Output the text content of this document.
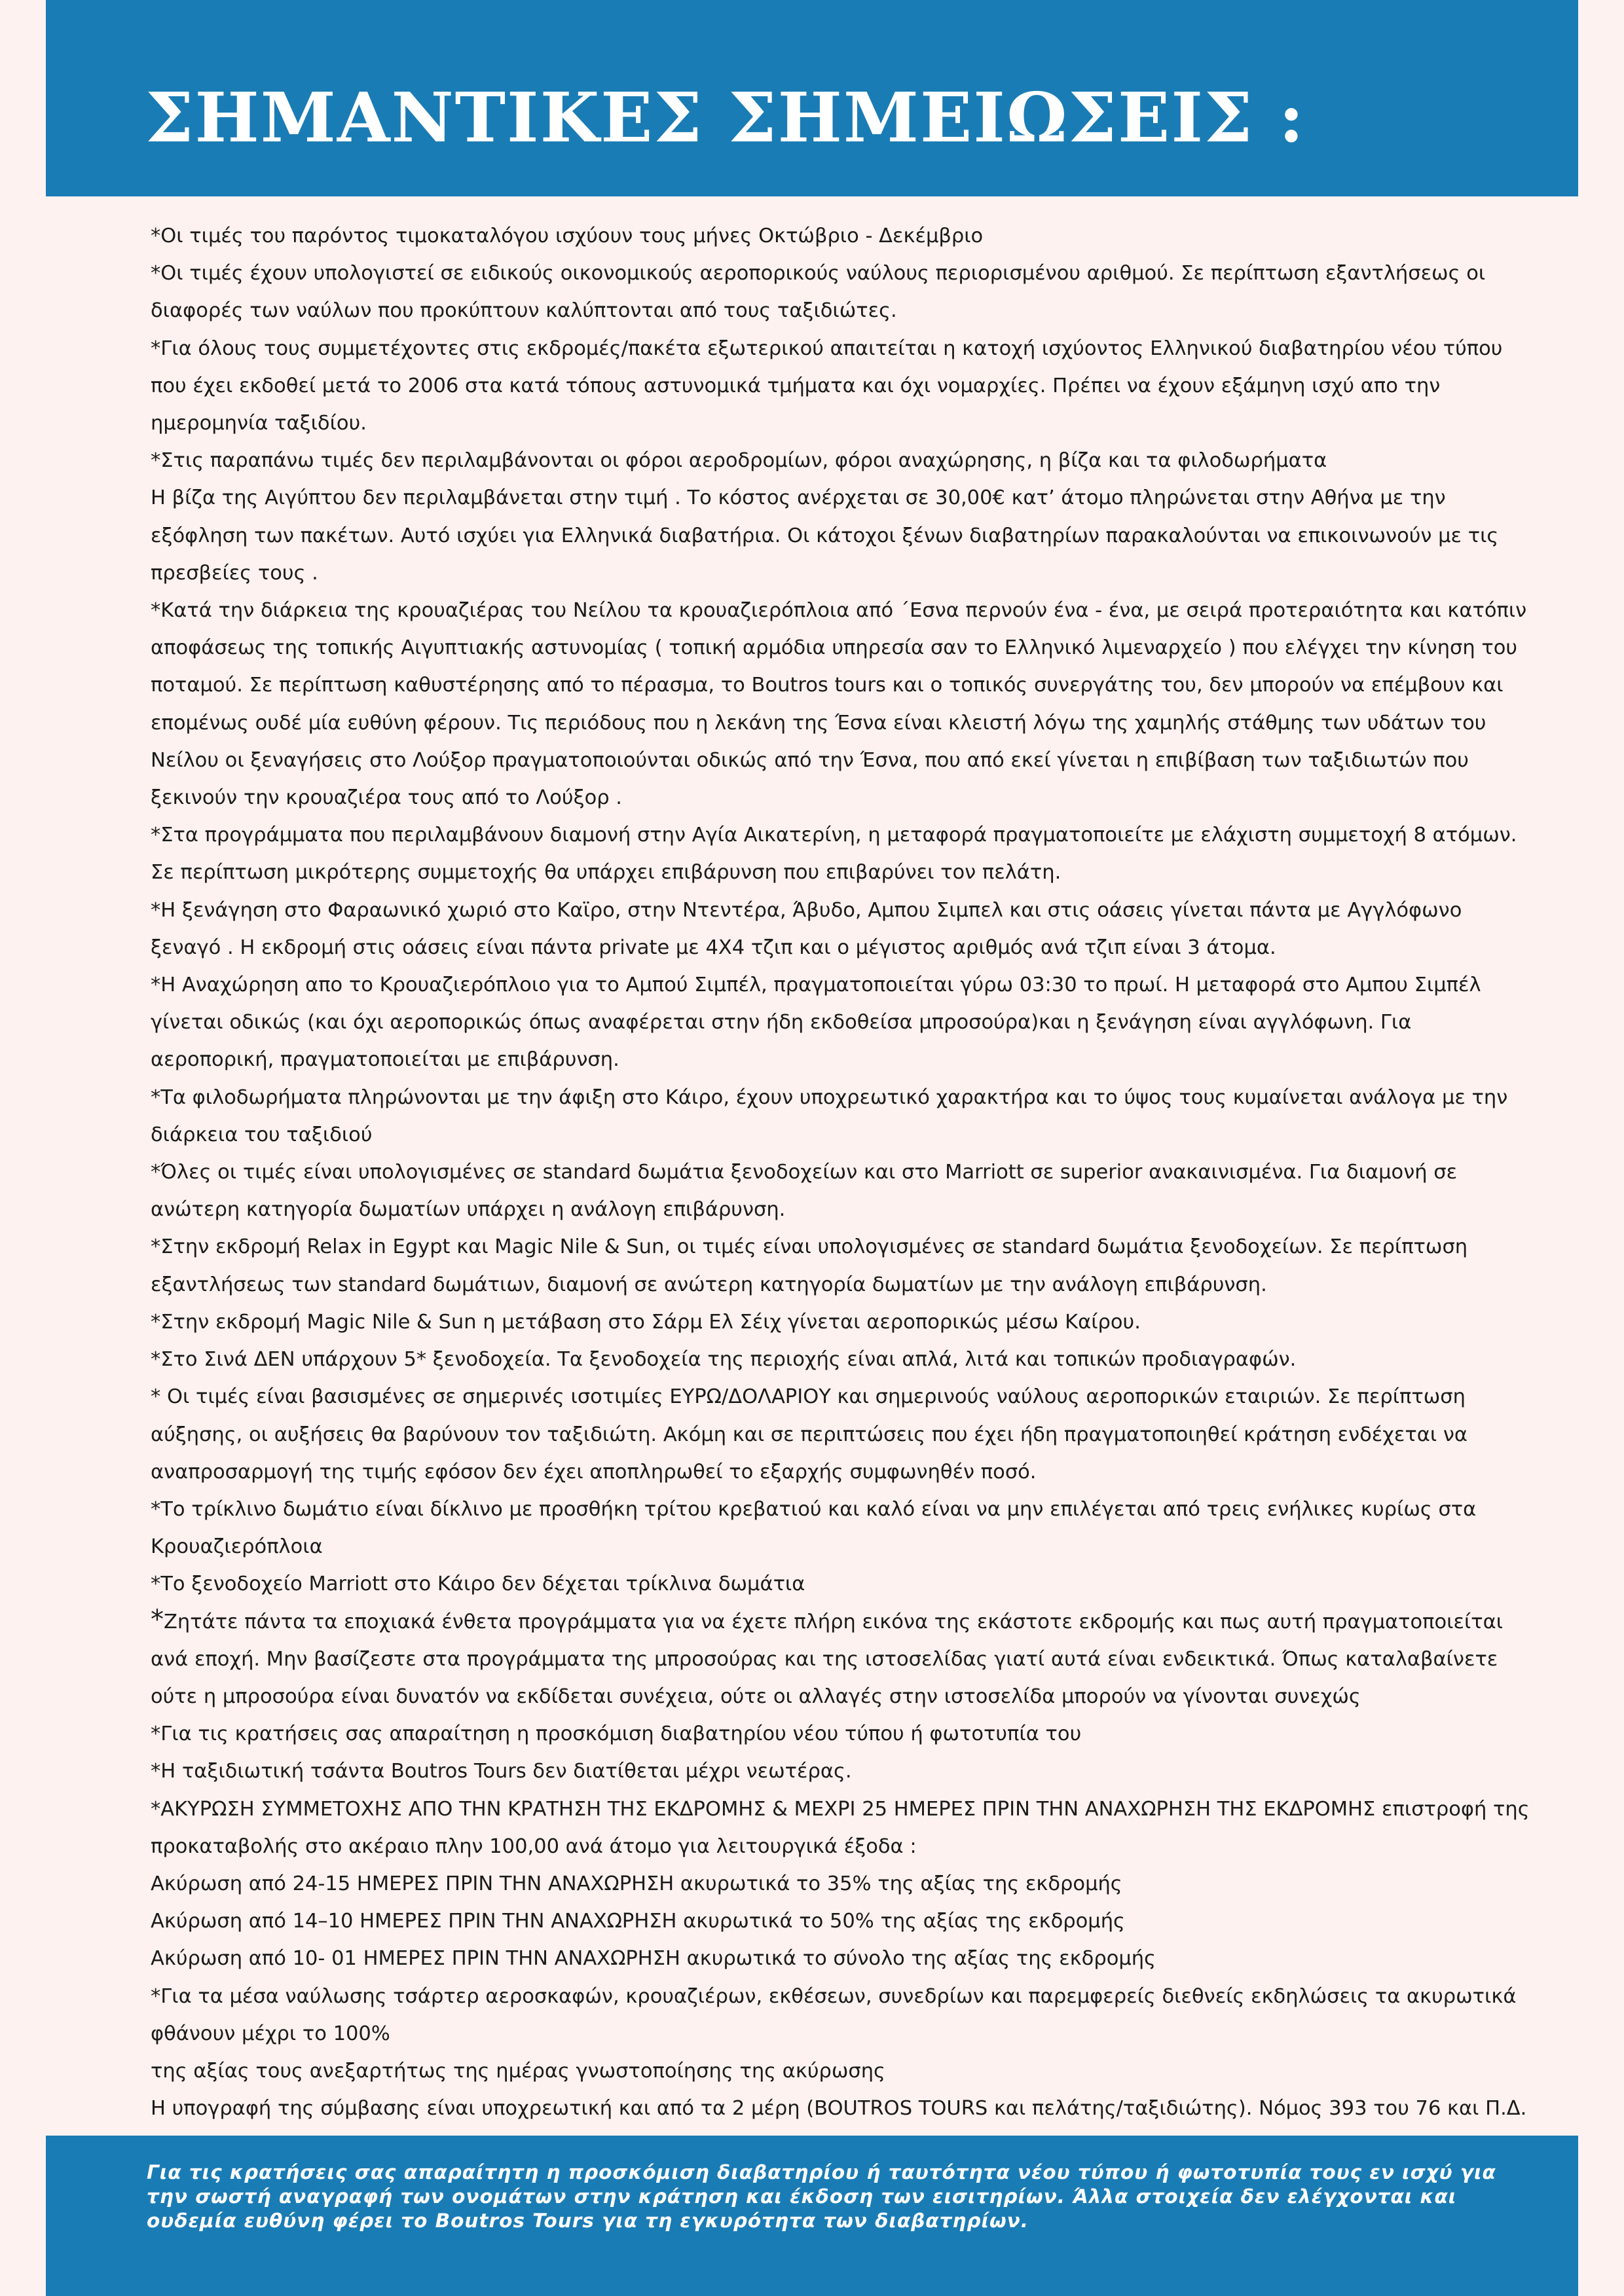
ΣΗΜΑΝΤΙΚΕΣ ΣΗΜΕΙΩΣΕΙΣ :

*Οι τιμές του παρόντος τιμοκαταλόγου ισχύουν τους μήνες Οκτώβριο - Δεκέμβριο

*Οι τιμές έχουν υπολογιστεί σε ειδικούς οικονομικούς αεροπορικούς ναύλους περιορισμένου αριθμού. Σε περίπτωση εξαντλήσεως οι διαφορές των ναύλων που προκύπτουν καλύπτονται από τους ταξιδιώτες.

*Για όλους τους συμμετέχοντες στις εκδρομές/πακέτα εξωτερικού απαιτείται η κατοχή ισχύοντος Ελληνικού διαβατηρίου νέου τύπου που έχει εκδοθεί μετά το 2006 στα κατά τόπους αστυνομικά τμήματα και όχι νομαρχίες. Πρέπει να έχουν εξάμηνη ισχύ απο την ημερομηνία ταξιδίου.

*Στις παραπάνω τιμές δεν περιλαμβάνονται οι φόροι αεροδρομίων, φόροι αναχώρησης, η βίζα και τα φιλοδωρήματα

Η βίζα της Αιγύπτου δεν περιλαμβάνεται στην τιμή . Το κόστος ανέρχεται σε 30,00€ κατ’ άτομο πληρώνεται στην Αθήνα με την εξόφληση των πακέτων. Αυτό ισχύει για Ελληνικά διαβατήρια. Οι κάτοχοι ξένων διαβατηρίων παρακαλούνται να επικοινωνούν με τις πρεσβείες τους .

*Κατά την διάρκεια της κρουαζιέρας του Νείλου τα κρουαζιερόπλοια από ΄Εσνα περνούν ένα - ένα, με σειρά προτεραιότητα και κατόπιν αποφάσεως της τοπικής Αιγυπτιακής αστυνομίας ( τοπική αρμόδια υπηρεσία σαν το Ελληνικό λιμεναρχείο ) που ελέγχει την κίνηση του ποταμού. Σε περίπτωση καθυστέρησης από το πέρασμα, το Boutros tours και ο τοπικός συνεργάτης του, δεν μπορούν να επέμβουν και επομένως ουδέ μία ευθύνη φέρουν. Τις περιόδους που η λεκάνη της Έσνα είναι κλειστή λόγω της χαμηλής στάθμης των υδάτων του Νείλου οι ξεναγήσεις στο Λούξορ πραγματοποιούνται οδικώς από την Έσνα, που από εκεί γίνεται η επιβίβαση των ταξιδιωτών που ξεκινούν την κρουαζιέρα τους από το Λούξορ .

*Στα προγράμματα που περιλαμβάνουν διαμονή στην Αγία Αικατερίνη, η μεταφορά πραγματοποιείτε με ελάχιστη συμμετοχή 8 ατόμων. Σε περίπτωση μικρότερης συμμετοχής θα υπάρχει επιβάρυνση που επιβαρύνει τον πελάτη.

*Η ξενάγηση στο Φαραωνικό χωριό στο Καϊρο, στην Ντεντέρα, Άβυδο, Αμπου Σιμπελ και στις οάσεις γίνεται πάντα με Αγγλόφωνο ξεναγό . Η εκδρομή στις οάσεις είναι πάντα private με 4Χ4 τζιπ και ο μέγιστος αριθμός ανά τζιπ είναι 3 άτομα.

*Η Αναχώρηση απο το Κρουαζιερόπλοιο για το Αμπού Σιμπέλ, πραγματοποιείται γύρω 03:30 το πρωί. Η μεταφορά στο Αμπου Σιμπέλ γίνεται οδικώς (και όχι αεροπορικώς όπως αναφέρεται στην ήδη εκδοθείσα μπροσούρα)και η ξενάγηση είναι αγγλόφωνη. Για αεροπορική, πραγματοποιείται με επιβάρυνση.

*Τα φιλοδωρήματα πληρώνονται με την άφιξη στο Κάιρο, έχουν υποχρεωτικό χαρακτήρα και το ύψος τους κυμαίνεται ανάλογα με την διάρκεια του ταξιδιού

*Όλες οι τιμές είναι υπολογισμένες σε standard δωμάτια ξενοδοχείων και στο Marriott σε superior ανακαινισμένα. Για διαμονή σε ανώτερη κατηγορία δωματίων υπάρχει η ανάλογη επιβάρυνση.

*Στην εκδρομή Relax in Egypt και Magic Nile & Sun, οι τιμές είναι υπολογισμένες σε standard δωμάτια ξενοδοχείων. Σε περίπτωση εξαντλήσεως των standard δωμάτιων, διαμονή σε ανώτερη κατηγορία δωματίων με την ανάλογη επιβάρυνση.

*Στην εκδρομή Magic Nile & Sun η μετάβαση στο Σάρμ Ελ Σέιχ γίνεται αεροπορικώς μέσω Καίρου.

*Στο Σινά ΔΕΝ υπάρχουν 5* ξενοδοχεία. Τα ξενοδοχεία της περιοχής είναι απλά, λιτά και τοπικών προδιαγραφών.

* Οι τιμές είναι βασισμένες σε σημερινές ισοτιμίες ΕΥΡΩ/ΔΟΛΑΡΙΟΥ και σημερινούς ναύλους αεροπορικών εταιριών. Σε περίπτωση αύξησης, οι αυξήσεις θα βαρύνουν τον ταξιδιώτη. Ακόμη και σε περιπτώσεις που έχει ήδη πραγματοποιηθεί κράτηση ενδέχεται να αναπροσαρμογή της τιμής εφόσον δεν έχει αποπληρωθεί το εξαρχής συμφωνηθέν ποσό.

*Το τρίκλινο δωμάτιο είναι δίκλινο με προσθήκη τρίτου κρεβατιού και καλό είναι να μην επιλέγεται από τρεις ενήλικες κυρίως στα Κρουαζιερόπλοια

*Το ξενοδοχείο Marriott στο Κάιρο δεν δέχεται τρίκλινα δωμάτια

*Ζητάτε πάντα τα εποχιακά ένθετα προγράμματα για να έχετε πλήρη εικόνα της εκάστοτε εκδρομής και πως αυτή πραγματοποιείται ανά εποχή. Μην βασίζεστε στα προγράμματα της μπροσούρας και της ιστοσελίδας γιατί αυτά είναι ενδεικτικά. Όπως καταλαβαίνετε ούτε η μπροσούρα είναι δυνατόν να εκδίδεται συνέχεια, ούτε οι αλλαγές στην ιστοσελίδα μπορούν να γίνονται συνεχώς

*Για τις κρατήσεις σας απαραίτηση η προσκόμιση διαβατηρίου νέου τύπου ή φωτοτυπία του

*Η ταξιδιωτική τσάντα Boutros Tours δεν διατίθεται μέχρι νεωτέρας.

*ΑΚΥΡΩΣΗ ΣΥΜΜΕΤΟΧΗΣ ΑΠΟ ΤΗΝ ΚΡΑΤΗΣΗ ΤΗΣ ΕΚΔΡΟΜΗΣ & ΜΕΧΡΙ 25 ΗΜΕΡΕΣ ΠΡΙΝ ΤΗΝ ΑΝΑΧΩΡΗΣΗ ΤΗΣ ΕΚΔΡΟΜΗΣ επιστροφή της προκαταβολής στο ακέραιο πλην 100,00 ανά άτομο για λειτουργικά έξοδα :

Ακύρωση από 24-15 ΗΜΕΡΕΣ ΠΡΙΝ ΤΗΝ ΑΝΑΧΩΡΗΣΗ ακυρωτικά το 35% της αξίας της εκδρομής

Ακύρωση από 14–10 ΗΜΕΡΕΣ ΠΡΙΝ ΤΗΝ ΑΝΑΧΩΡΗΣΗ ακυρωτικά το 50% της αξίας της εκδρομής

Ακύρωση από 10- 01 ΗΜΕΡΕΣ ΠΡΙΝ ΤΗΝ ΑΝΑΧΩΡΗΣΗ ακυρωτικά το σύνολο της αξίας της εκδρομής

*Για τα μέσα ναύλωσης τσάρτερ αεροσκαφών, κρουαζιέρων, εκθέσεων, συνεδρίων και παρεμφερείς διεθνείς εκδηλώσεις τα ακυρωτικά φθάνουν μέχρι το 100%

της αξίας τους ανεξαρτήτως της ημέρας γνωστοποίησης της ακύρωσης

Η υπογραφή της σύμβασης είναι υποχρεωτική και από τα 2 μέρη (BOUTROS TOURS και πελάτης/ταξιδιώτης). Νόμος 393 του 76 και Π.Δ.

Για τις κρατήσεις σας απαραίτητη η προσκόμιση διαβατηρίου ή ταυτότητα νέου τύπου ή φωτοτυπία τους εν ισχύ για την σωστή αναγραφή των ονομάτων στην κράτηση και έκδοση των εισιτηρίων. Άλλα στοιχεία δεν ελέγχονται και ουδεμία ευθύνη φέρει το Boutros Tours για τη εγκυρότητα των διαβατηρίων.
